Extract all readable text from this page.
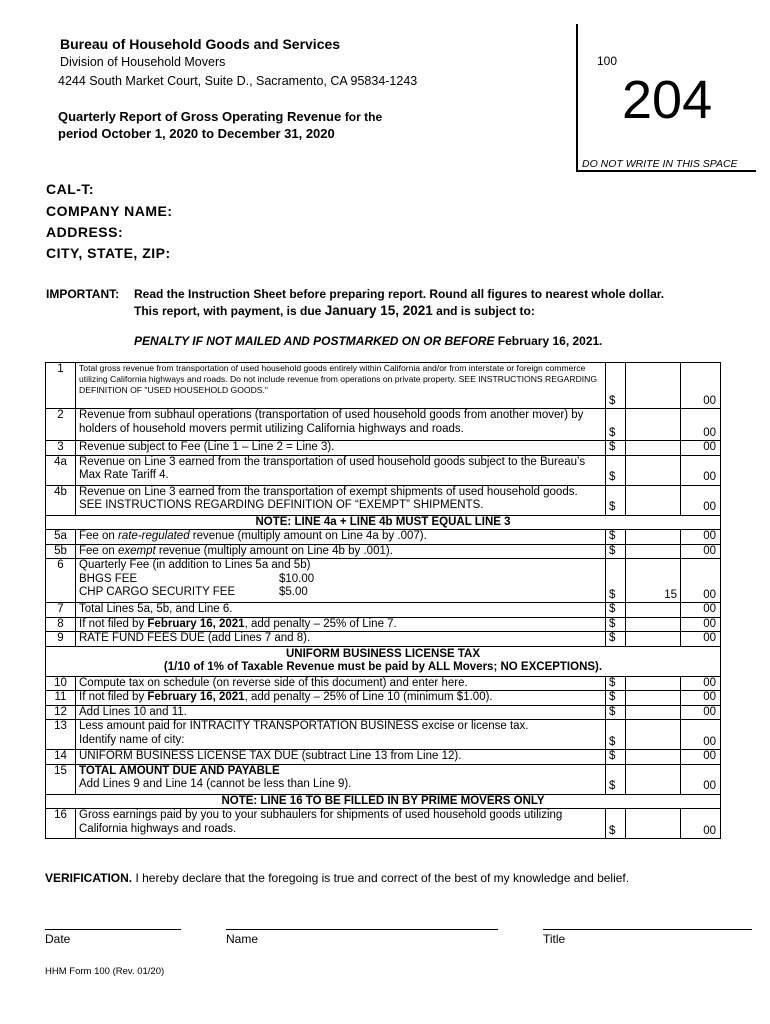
Bureau of Household Goods and Services
Division of Household Movers
4244 South Market Court, Suite D., Sacramento, CA 95834-1243
Quarterly Report of Gross Operating Revenue for the
period October 1, 2020 to December 31, 2020
100
204
DO NOT WRITE IN THIS SPACE
CAL-T:
COMPANY NAME:
ADDRESS:
CITY, STATE, ZIP:
IMPORTANT: Read the Instruction Sheet before preparing report. Round all figures to nearest whole dollar.
This report, with payment, is due January 15, 2021 and is subject to:
PENALTY IF NOT MAILED AND POSTMARKED ON OR BEFORE February 16, 2021.
1	Total gross revenue from transportation of used household goods entirely within California and/or from interstate or foreign commerce utilizing California highways and roads. Do not include revenue from operations on private property. SEE INSTRUCTIONS REGARDING DEFINITION OF "USED HOUSEHOLD GOODS."	$		00
2	Revenue from subhaul operations (transportation of used household goods from another mover) by holders of household movers permit utilizing California highways and roads.	$		00
3	Revenue subject to Fee (Line 1 – Line 2 = Line 3).	$		00
4a	Revenue on Line 3 earned from the transportation of used household goods subject to the Bureau’s Max Rate Tariff 4.	$		00
4b	Revenue on Line 3 earned from the transportation of exempt shipments of used household goods. SEE INSTRUCTIONS REGARDING DEFINITION OF “EXEMPT” SHIPMENTS.	$		00
NOTE: LINE 4a + LINE 4b MUST EQUAL LINE 3				
5a	Fee on rate-regulated revenue (multiply amount on Line 4a by .007).	$		00
5b	Fee on exempt revenue (multiply amount on Line 4b by .001).	$		00
6	Quarterly Fee (in addition to Lines 5a and 5b)
BHGS FEE $10.00
CHP CARGO SECURITY FEE $5.00	$	15	00
7	Total Lines 5a, 5b, and Line 6.	$		00
8	If not filed by February 16, 2021, add penalty – 25% of Line 7.	$		00
9	RATE FUND FEES DUE (add Lines 7 and 8).	$		00

UNIFORM BUSINESS LICENSE TAX
(1/10 of 1% of Taxable Revenue must be paid by ALL Movers; NO EXCEPTIONS).				

10	Compute tax on schedule (on reverse side of this document) and enter here.	$		00
11	If not filed by February 16, 2021, add penalty – 25% of Line 10 (minimum $1.00).	$		00
12	Add Lines 10 and 11.	$		00
13	Less amount paid for INTRACITY TRANSPORTATION BUSINESS excise or license tax.
Identify name of city:	$		00
14	UNIFORM BUSINESS LICENSE TAX DUE (subtract Line 13 from Line 12).	$		00
15	TOTAL AMOUNT DUE AND PAYABLE
Add Lines 9 and Line 14 (cannot be less than Line 9).	$		00
NOTE: LINE 16 TO BE FILLED IN BY PRIME MOVERS ONLY				
16	Gross earnings paid by you to your subhaulers for shipments of used household goods utilizing California highways and roads.	$		00
VERIFICATION. I hereby declare that the foregoing is true and correct of the best of my knowledge and belief.
Date	Name	Title
HHM Form 100 (Rev. 01/20)
